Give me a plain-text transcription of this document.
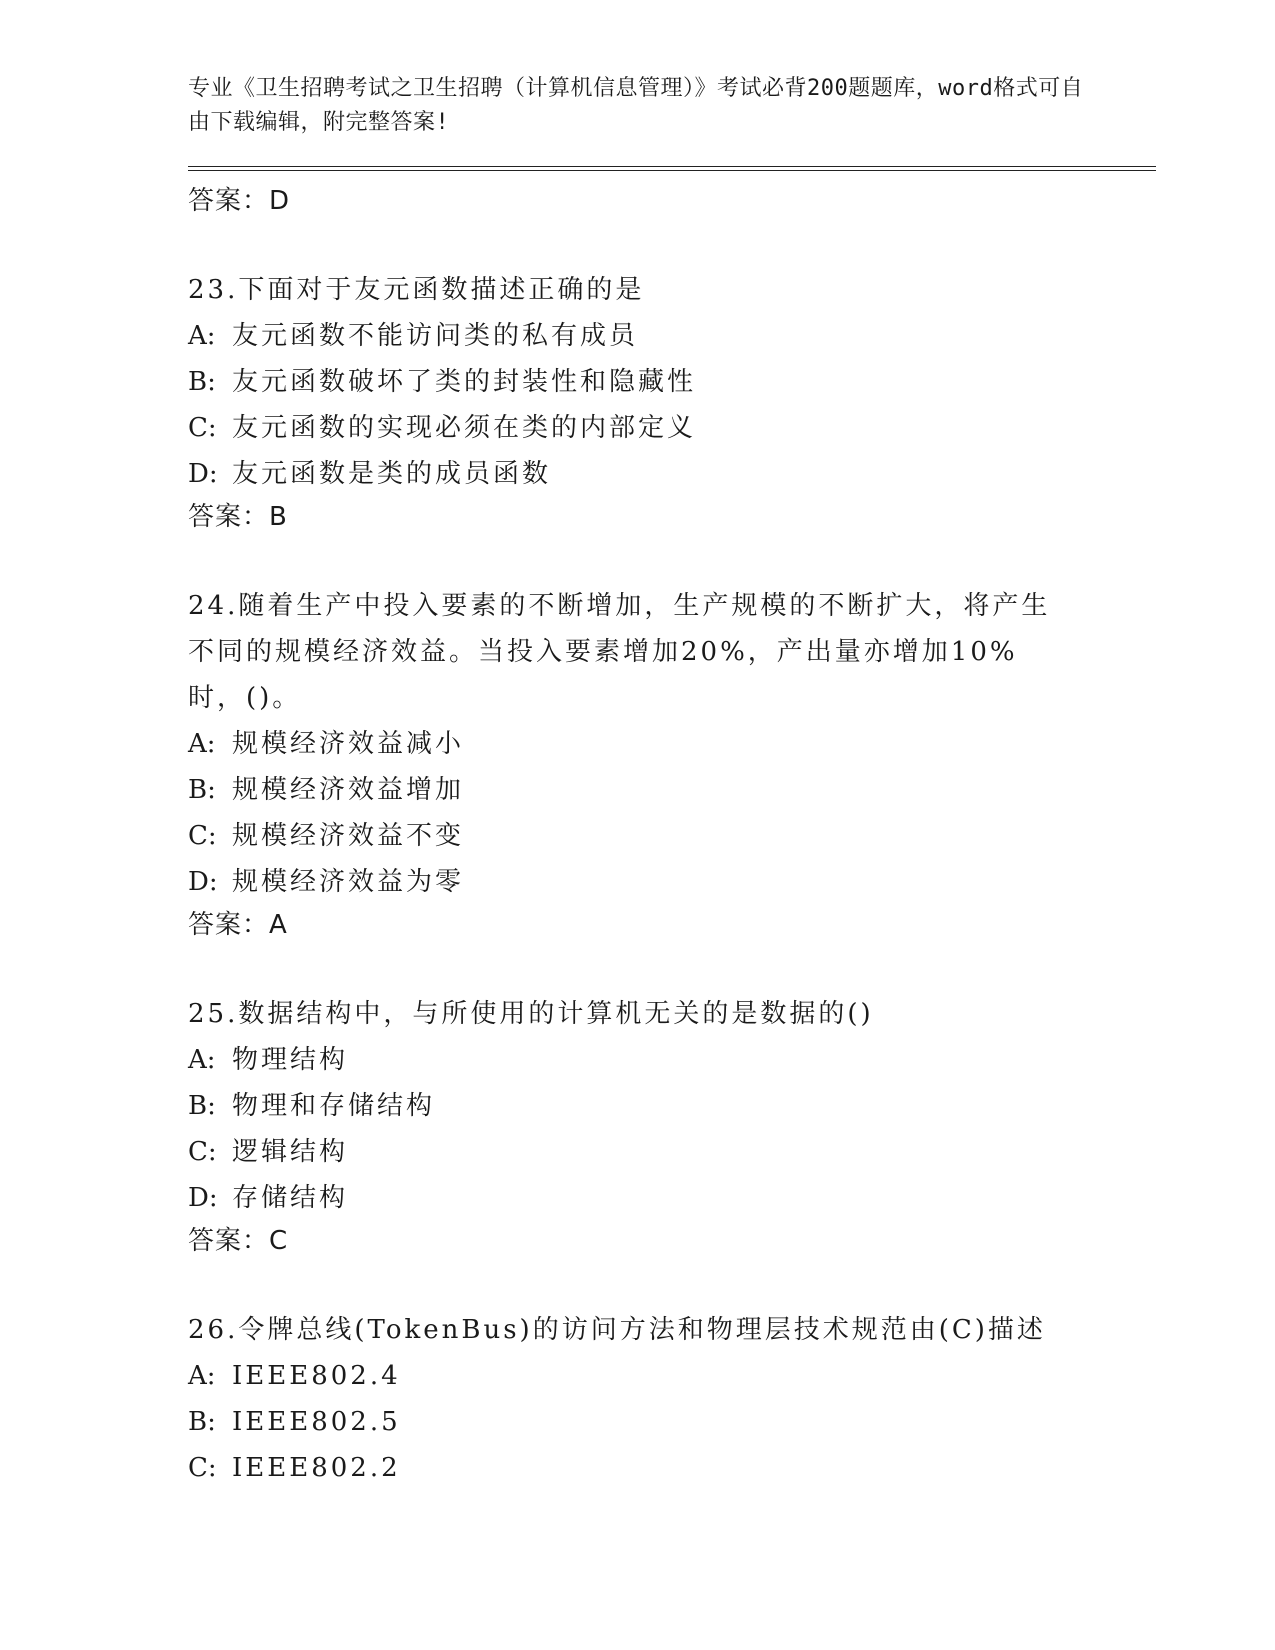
专业《卫生招聘考试之卫生招聘（计算机信息管理）》考试必背200题题库，word格式可自由下载编辑，附完整答案!

答案：D

23.下面对于友元函数描述正确的是

A: 友元函数不能访问类的私有成员

B: 友元函数破坏了类的封装性和隐藏性

C: 友元函数的实现必须在类的内部定义

D: 友元函数是类的成员函数

答案：B

24.随着生产中投入要素的不断增加，生产规模的不断扩大，将产生不同的规模经济效益。当投入要素增加20%，产出量亦增加10%时，()。

A: 规模经济效益减小

B: 规模经济效益增加

C: 规模经济效益不变

D: 规模经济效益为零

答案：A

25.数据结构中，与所使用的计算机无关的是数据的()

A: 物理结构

B: 物理和存储结构

C: 逻辑结构

D: 存储结构

答案：C

26.令牌总线(TokenBus)的访问方法和物理层技术规范由(C)描述

A: IEEE802.4

B: IEEE802.5

C: IEEE802.2
